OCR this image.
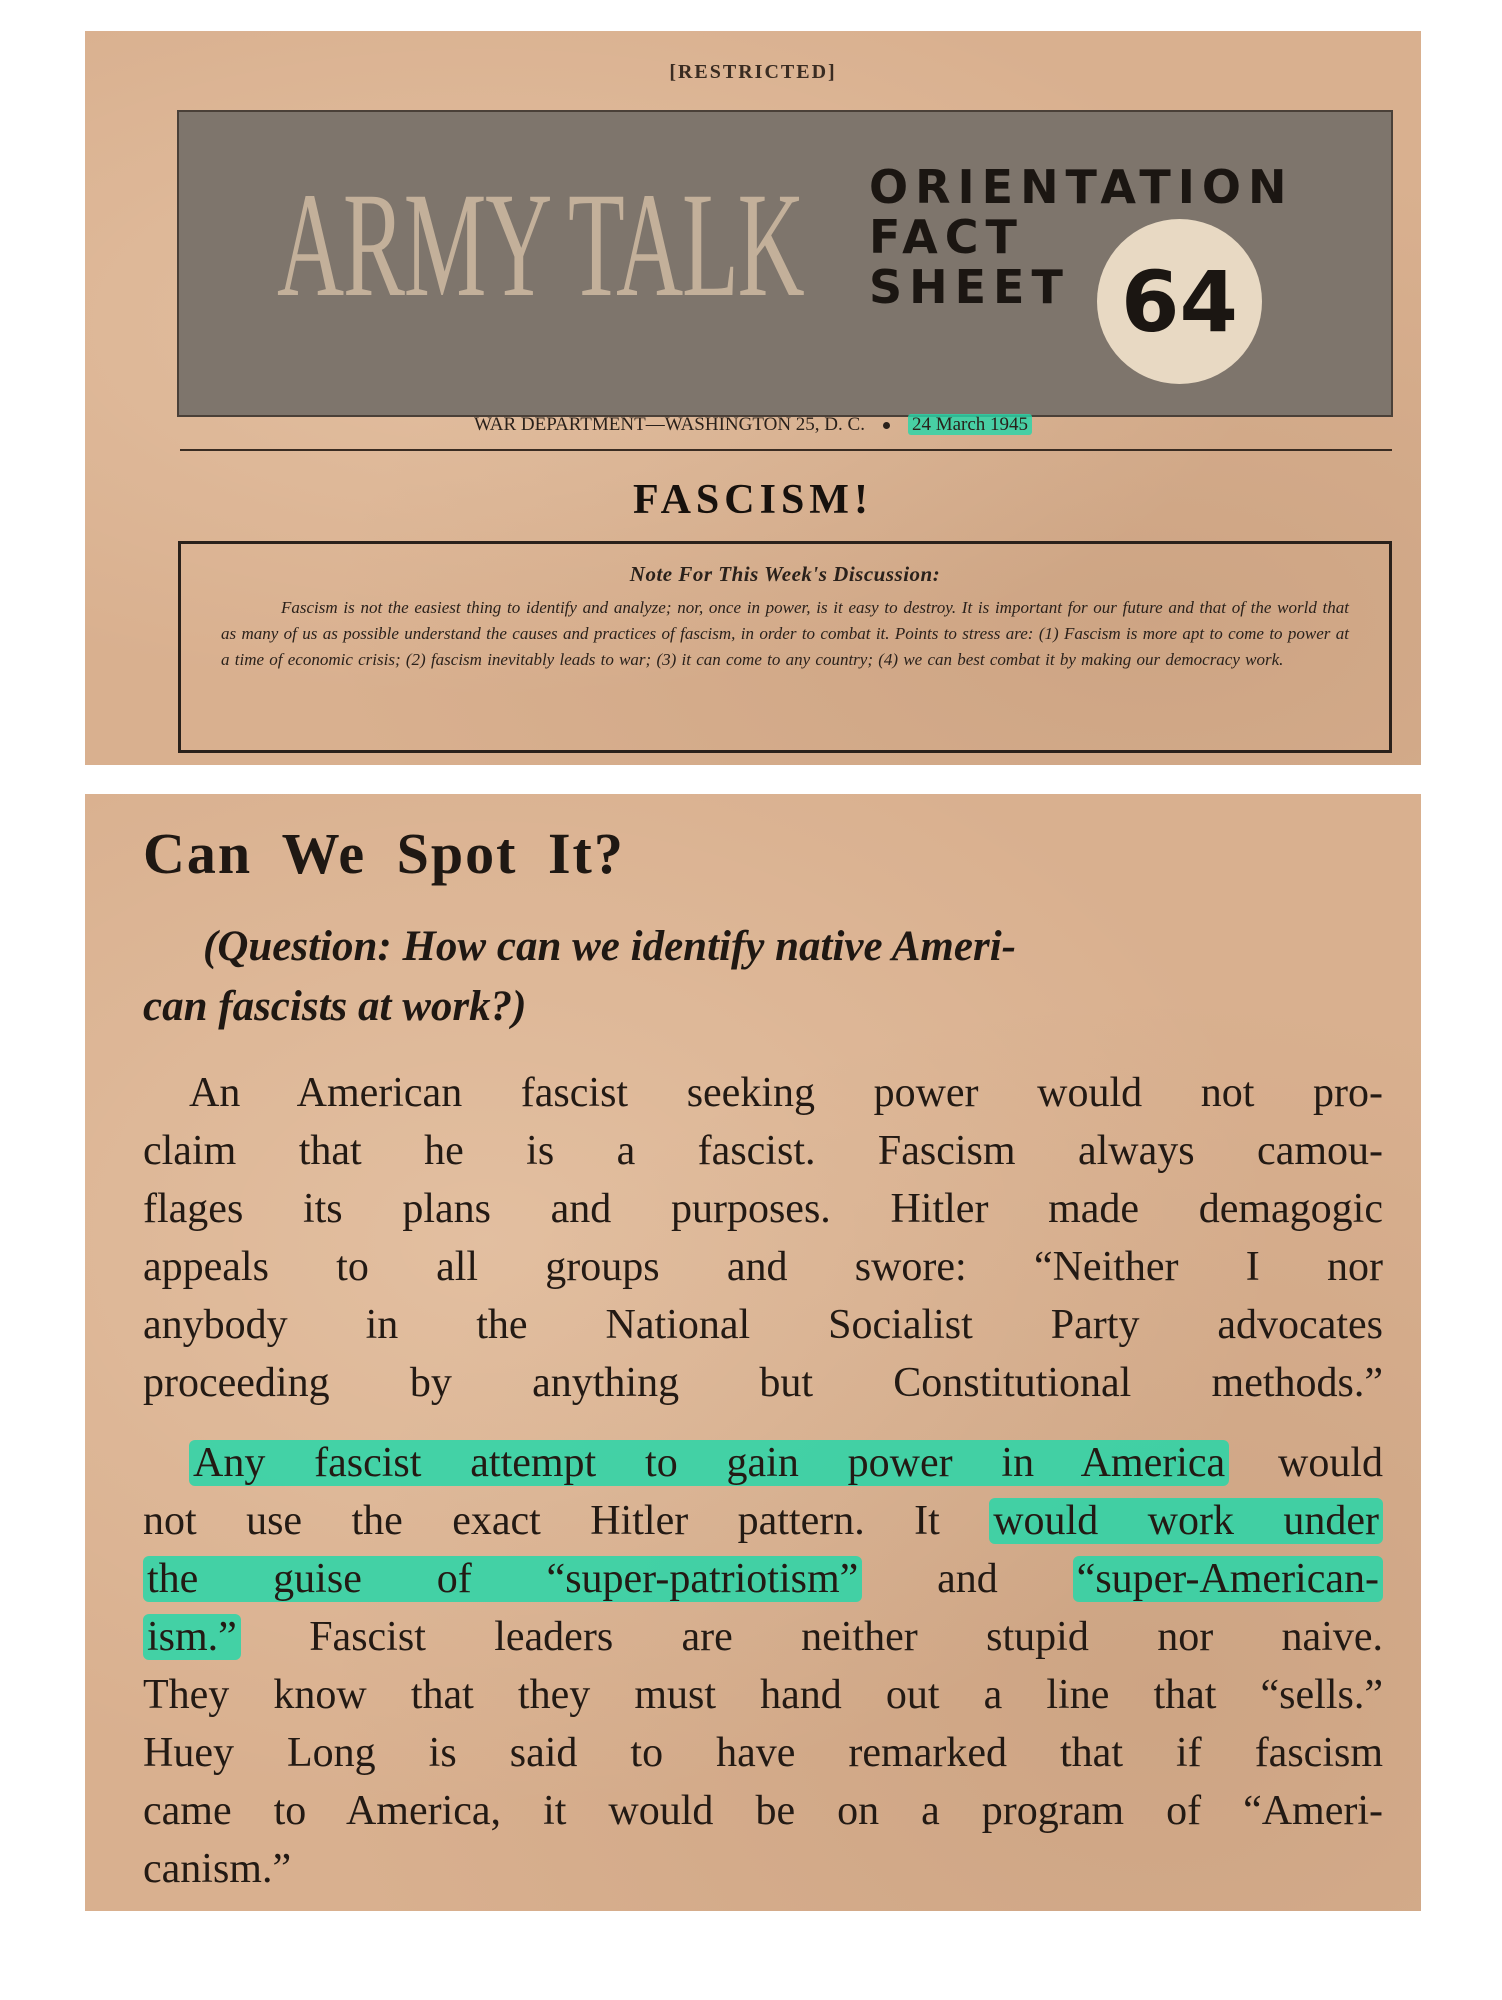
[RESTRICTED]
ARMY TALK ORIENTATION
FACT
SHEET 64
WAR DEPARTMENT—WASHINGTON 25, D. C. 24 March 1945
FASCISM!
Note For This Week's Discussion:
Fascism is not the easiest thing to identify and analyze; nor, once in power, is it easy to destroy. It is important for our future and that of the world that as many of us as possible understand the causes and practices of fascism, in order to combat it. Points to stress are: (1) Fascism is more apt to come to power at a time of economic crisis; (2) fascism inevitably leads to war; (3) it can come to any country; (4) we can best combat it by making our democracy work.
Can We Spot It?
(Question: How can we identify native Ameri-
can fascists at work?)
An American fascist seeking power would not pro-
claim that he is a fascist. Fascism always camou-
flages its plans and purposes. Hitler made demagogic
appeals to all groups and swore: “Neither I nor
anybody in the National Socialist Party advocates
proceeding by anything but Constitutional methods.”
Any fascist attempt to gain power in America would
not use the exact Hitler pattern. It would work under
the guise of “super-patriotism” and “super-American-
ism.” Fascist leaders are neither stupid nor naive.
They know that they must hand out a line that “sells.”
Huey Long is said to have remarked that if fascism
came to America, it would be on a program of “Ameri-
canism.”
